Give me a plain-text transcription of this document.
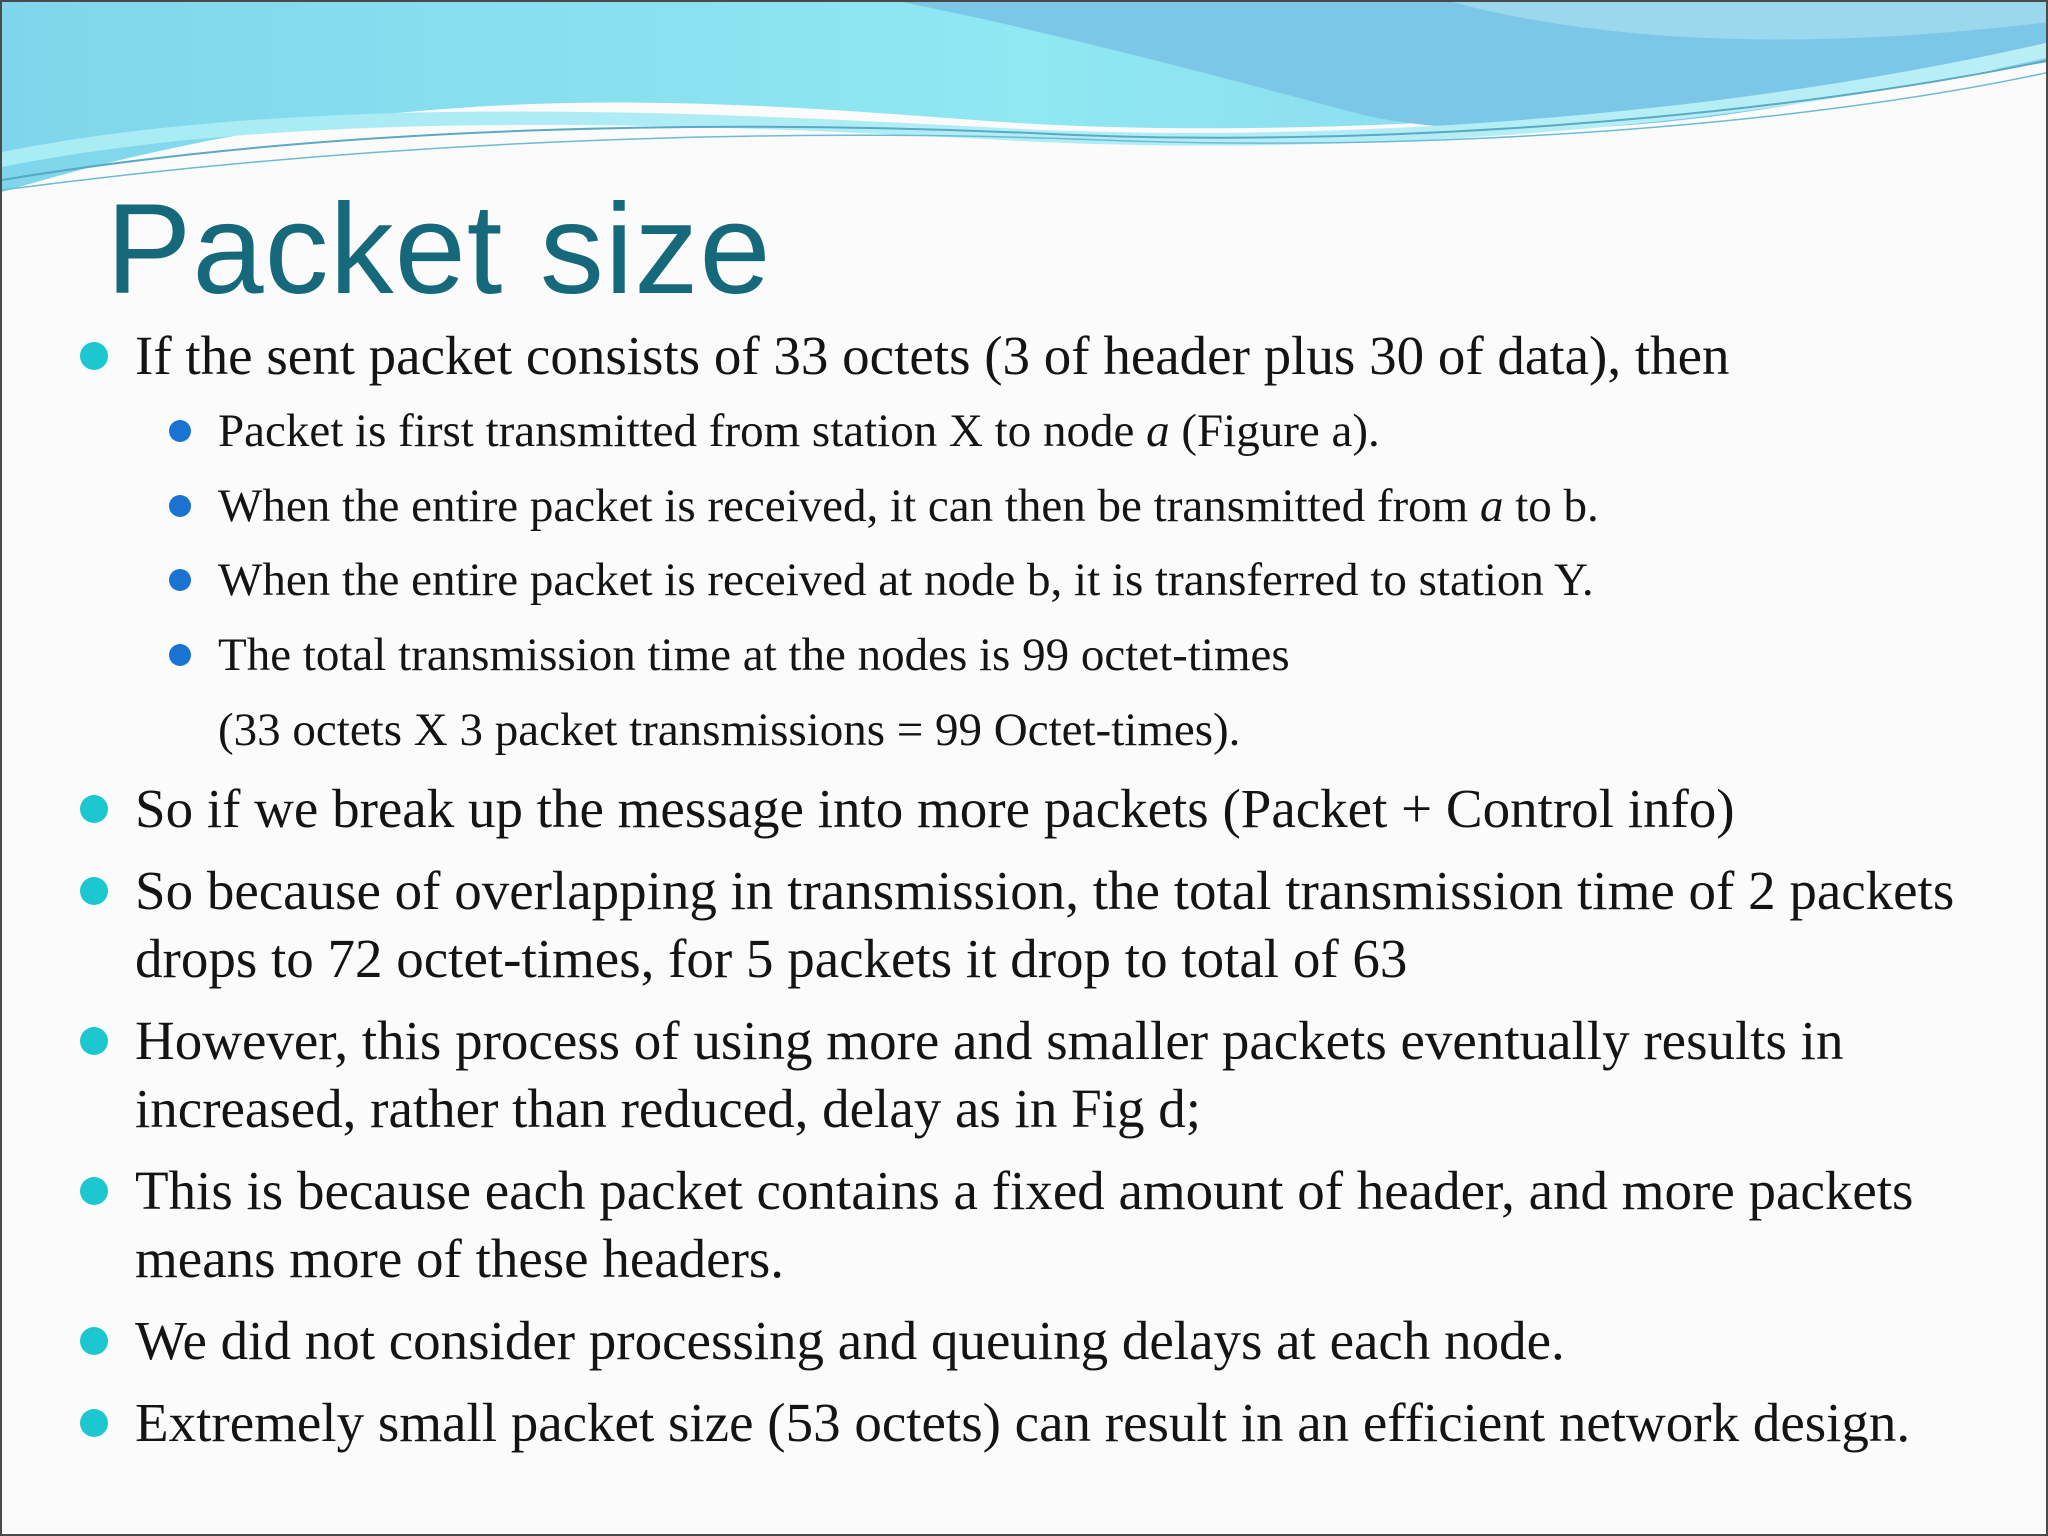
Packet size
If the sent packet consists of 33 octets (3 of header plus 30 of data), then
Packet is first transmitted from station X to node a (Figure a).
When the entire packet is received, it can then be transmitted from a to b.
When the entire packet is received at node b, it is transferred to station Y.
The total transmission time at the nodes is 99 octet-times
(33 octets X 3 packet transmissions = 99 Octet-times).
So if we break up the message into more packets (Packet + Control info)
So because of overlapping in transmission, the total transmission time of 2 packets drops to 72 octet-times, for 5 packets it drop to total of 63
However, this process of using more and smaller packets eventually results in increased, rather than reduced, delay as in Fig d;
This is because each packet contains a fixed amount of header, and more packets means more of these headers.
We did not consider processing and queuing delays at each node.
Extremely small packet size (53 octets) can result in an efficient network design.
